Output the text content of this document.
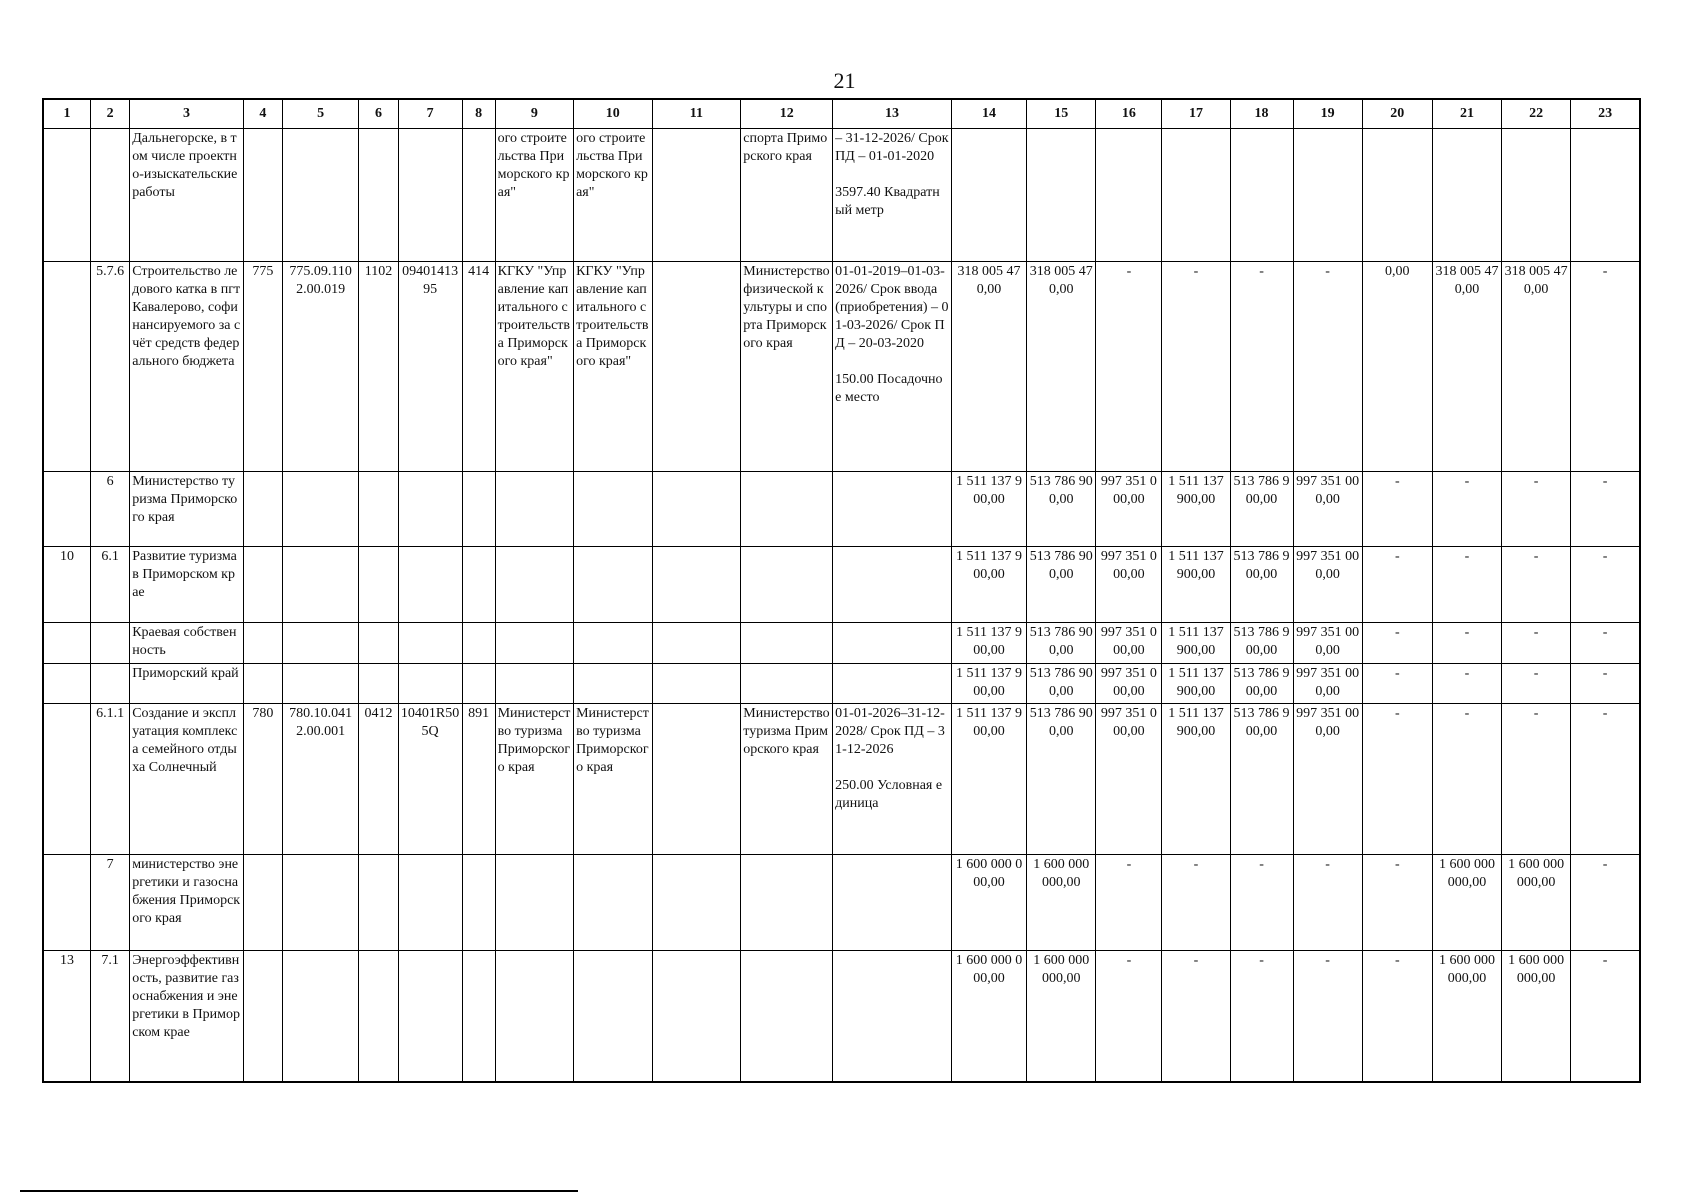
21
1	2	3	4	5	6	7	8	9	10	11	12	13	14	15	16	17	18	19	20	21	22	23
		Дальнегорске, в том числе проектно-изыскательские работы						ого строительства Приморского края"	ого строительства Приморского края"		спорта Приморского края	– 31-12-2026/ Срок ПД – 01-01-2020

3597.40 Квадратный метр										
	5.7.6	Строительство ледового катка в пгт Кавалерово, софинансируемого за счёт средств федерального бюджета	775	775.09.1102.00.019	1102	0940141395	414	КГКУ "Управление капитального строительства Приморского края"	КГКУ "Управление капитального строительства Приморского края"		Министерство физической культуры и спорта Приморского края	01-01-2019–01-03-2026/ Срок ввода (приобретения) – 01-03-2026/ Срок ПД – 20-03-2020

150.00 Посадочное место	318 005 470,00	318 005 470,00	-	-	-	-	0,00	318 005 470,00	318 005 470,00	-
	6	Министерство туризма Приморского края											1 511 137 900,00	513 786 900,00	997 351 000,00	1 511 137 900,00	513 786 900,00	997 351 000,00	-	-	-	-
10	6.1	Развитие туризма в Приморском крае											1 511 137 900,00	513 786 900,00	997 351 000,00	1 511 137 900,00	513 786 900,00	997 351 000,00	-	-	-	-
		Краевая собственность											1 511 137 900,00	513 786 900,00	997 351 000,00	1 511 137 900,00	513 786 900,00	997 351 000,00	-	-	-	-
		Приморский край											1 511 137 900,00	513 786 900,00	997 351 000,00	1 511 137 900,00	513 786 900,00	997 351 000,00	-	-	-	-
	6.1.1	Создание и эксплуатация комплекса семейного отдыха Солнечный	780	780.10.0412.00.001	0412	10401R505Q	891	Министерство туризма Приморского края	Министерство туризма Приморского края		Министерство туризма Приморского края	01-01-2026–31-12-2028/ Срок ПД – 31-12-2026

250.00 Условная единица	1 511 137 900,00	513 786 900,00	997 351 000,00	1 511 137 900,00	513 786 900,00	997 351 000,00	-	-	-	-
	7	министерство энергетики и газоснабжения Приморского края											1 600 000 000,00	1 600 000 000,00	-	-	-	-	-	1 600 000 000,00	1 600 000 000,00	-
13	7.1	Энергоэффективность, развитие газоснабжения и энергетики в Приморском крае											1 600 000 000,00	1 600 000 000,00	-	-	-	-	-	1 600 000 000,00	1 600 000 000,00	-
